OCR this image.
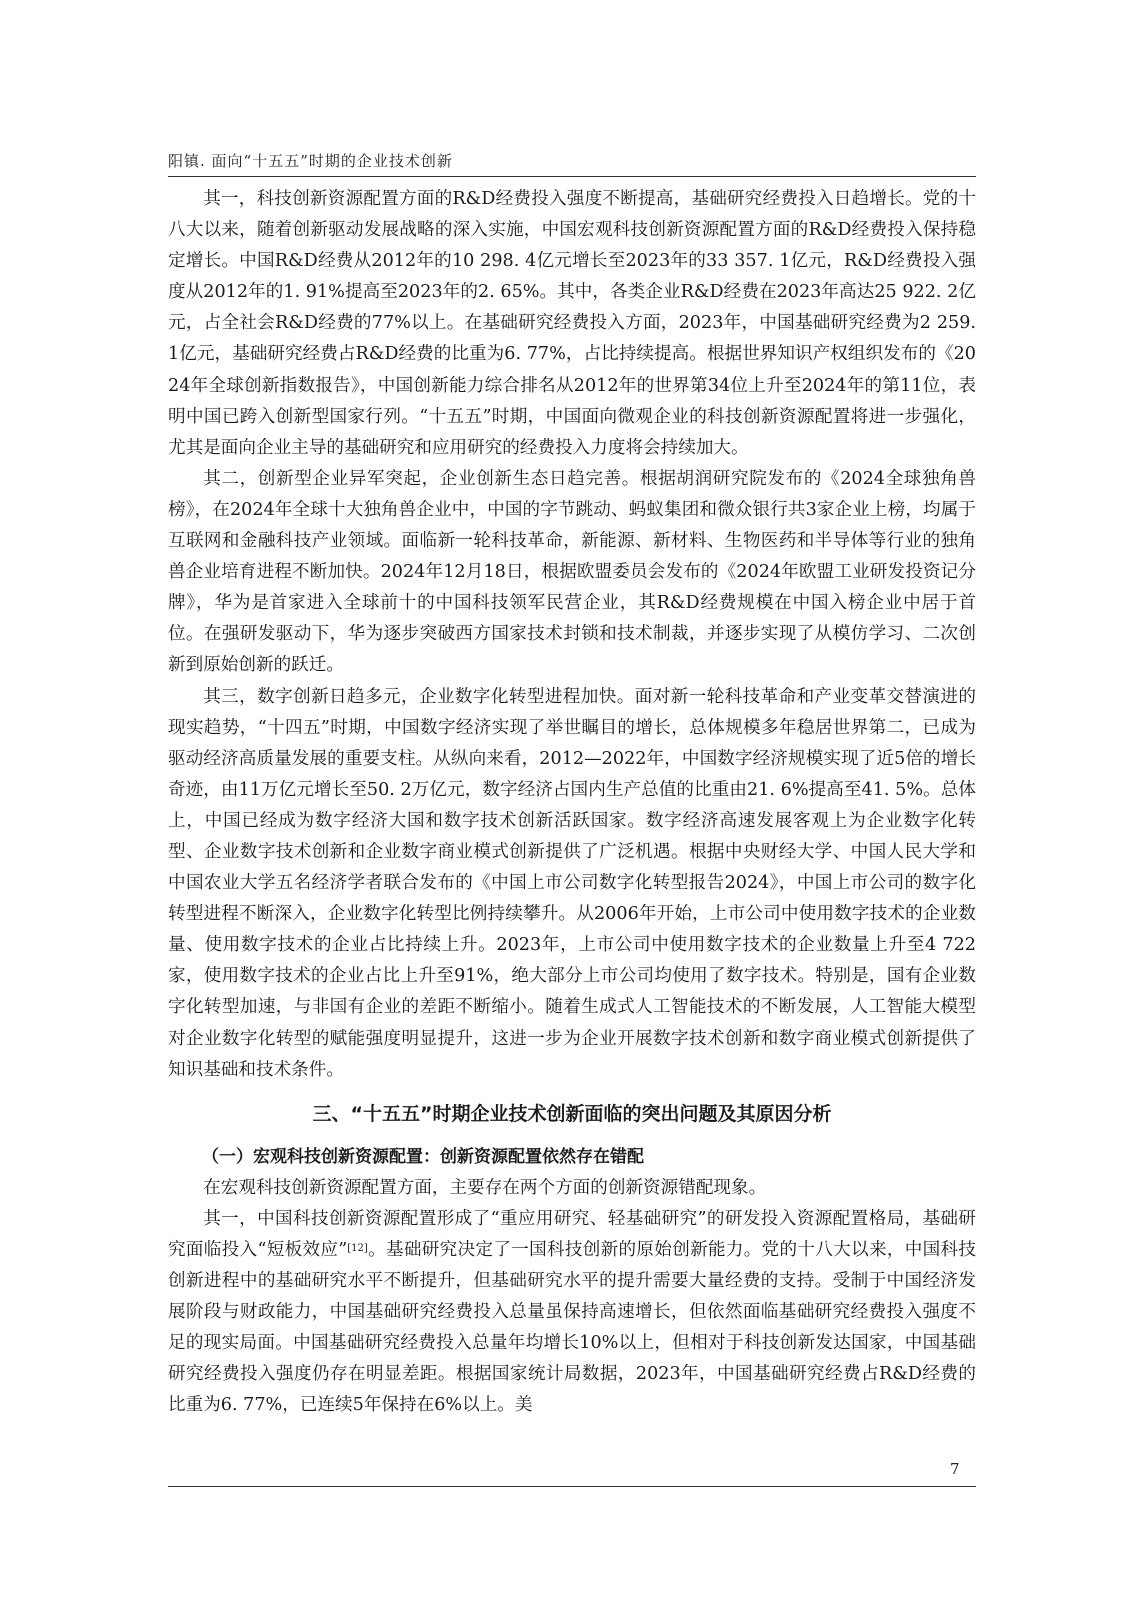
阳镇. 面向“十五五”时期的企业技术创新

其一，科技创新资源配置方面的R&D经费投入强度不断提高，基础研究经费投入日趋增长。党的十八大以来，随着创新驱动发展战略的深入实施，中国宏观科技创新资源配置方面的R&D经费投入保持稳定增长。中国R&D经费从2012年的10 298. 4亿元增长至2023年的33 357. 1亿元，R&D经费投入强度从2012年的1. 91%提高至2023年的2. 65%。其中，各类企业R&D经费在2023年高达25 922. 2亿元，占全社会R&D经费的77%以上。在基础研究经费投入方面，2023年，中国基础研究经费为2 259. 1亿元，基础研究经费占R&D经费的比重为6. 77%，占比持续提高。根据世界知识产权组织发布的《2024年全球创新指数报告》，中国创新能力综合排名从2012年的世界第34位上升至2024年的第11位，表明中国已跨入创新型国家行列。“十五五”时期，中国面向微观企业的科技创新资源配置将进一步强化，尤其是面向企业主导的基础研究和应用研究的经费投入力度将会持续加大。

其二，创新型企业异军突起，企业创新生态日趋完善。根据胡润研究院发布的《2024全球独角兽榜》，在2024年全球十大独角兽企业中，中国的字节跳动、蚂蚁集团和微众银行共3家企业上榜，均属于互联网和金融科技产业领域。面临新一轮科技革命，新能源、新材料、生物医药和半导体等行业的独角兽企业培育进程不断加快。2024年12月18日，根据欧盟委员会发布的《2024年欧盟工业研发投资记分牌》，华为是首家进入全球前十的中国科技领军民营企业，其R&D经费规模在中国入榜企业中居于首位。在强研发驱动下，华为逐步突破西方国家技术封锁和技术制裁，并逐步实现了从模仿学习、二次创新到原始创新的跃迁。

其三，数字创新日趋多元，企业数字化转型进程加快。面对新一轮科技革命和产业变革交替演进的现实趋势，“十四五”时期，中国数字经济实现了举世瞩目的增长，总体规模多年稳居世界第二，已成为驱动经济高质量发展的重要支柱。从纵向来看，2012—2022年，中国数字经济规模实现了近5倍的增长奇迹，由11万亿元增长至50. 2万亿元，数字经济占国内生产总值的比重由21. 6%提高至41. 5%。总体上，中国已经成为数字经济大国和数字技术创新活跃国家。数字经济高速发展客观上为企业数字化转型、企业数字技术创新和企业数字商业模式创新提供了广泛机遇。根据中央财经大学、中国人民大学和中国农业大学五名经济学者联合发布的《中国上市公司数字化转型报告2024》，中国上市公司的数字化转型进程不断深入，企业数字化转型比例持续攀升。从2006年开始，上市公司中使用数字技术的企业数量、使用数字技术的企业占比持续上升。2023年，上市公司中使用数字技术的企业数量上升至4 722家，使用数字技术的企业占比上升至91%，绝大部分上市公司均使用了数字技术。特别是，国有企业数字化转型加速，与非国有企业的差距不断缩小。随着生成式人工智能技术的不断发展，人工智能大模型对企业数字化转型的赋能强度明显提升，这进一步为企业开展数字技术创新和数字商业模式创新提供了知识基础和技术条件。

三、“十五五”时期企业技术创新面临的突出问题及其原因分析
（一）宏观科技创新资源配置：创新资源配置依然存在错配

在宏观科技创新资源配置方面，主要存在两个方面的创新资源错配现象。

其一，中国科技创新资源配置形成了“重应用研究、轻基础研究”的研发投入资源配置格局，基础研究面临投入“短板效应”[12]。基础研究决定了一国科技创新的原始创新能力。党的十八大以来，中国科技创新进程中的基础研究水平不断提升，但基础研究水平的提升需要大量经费的支持。受制于中国经济发展阶段与财政能力，中国基础研究经费投入总量虽保持高速增长，但依然面临基础研究经费投入强度不足的现实局面。中国基础研究经费投入总量年均增长10%以上，但相对于科技创新发达国家，中国基础研究经费投入强度仍存在明显差距。根据国家统计局数据，2023年，中国基础研究经费占R&D经费的比重为6. 77%，已连续5年保持在6%以上。美

7
